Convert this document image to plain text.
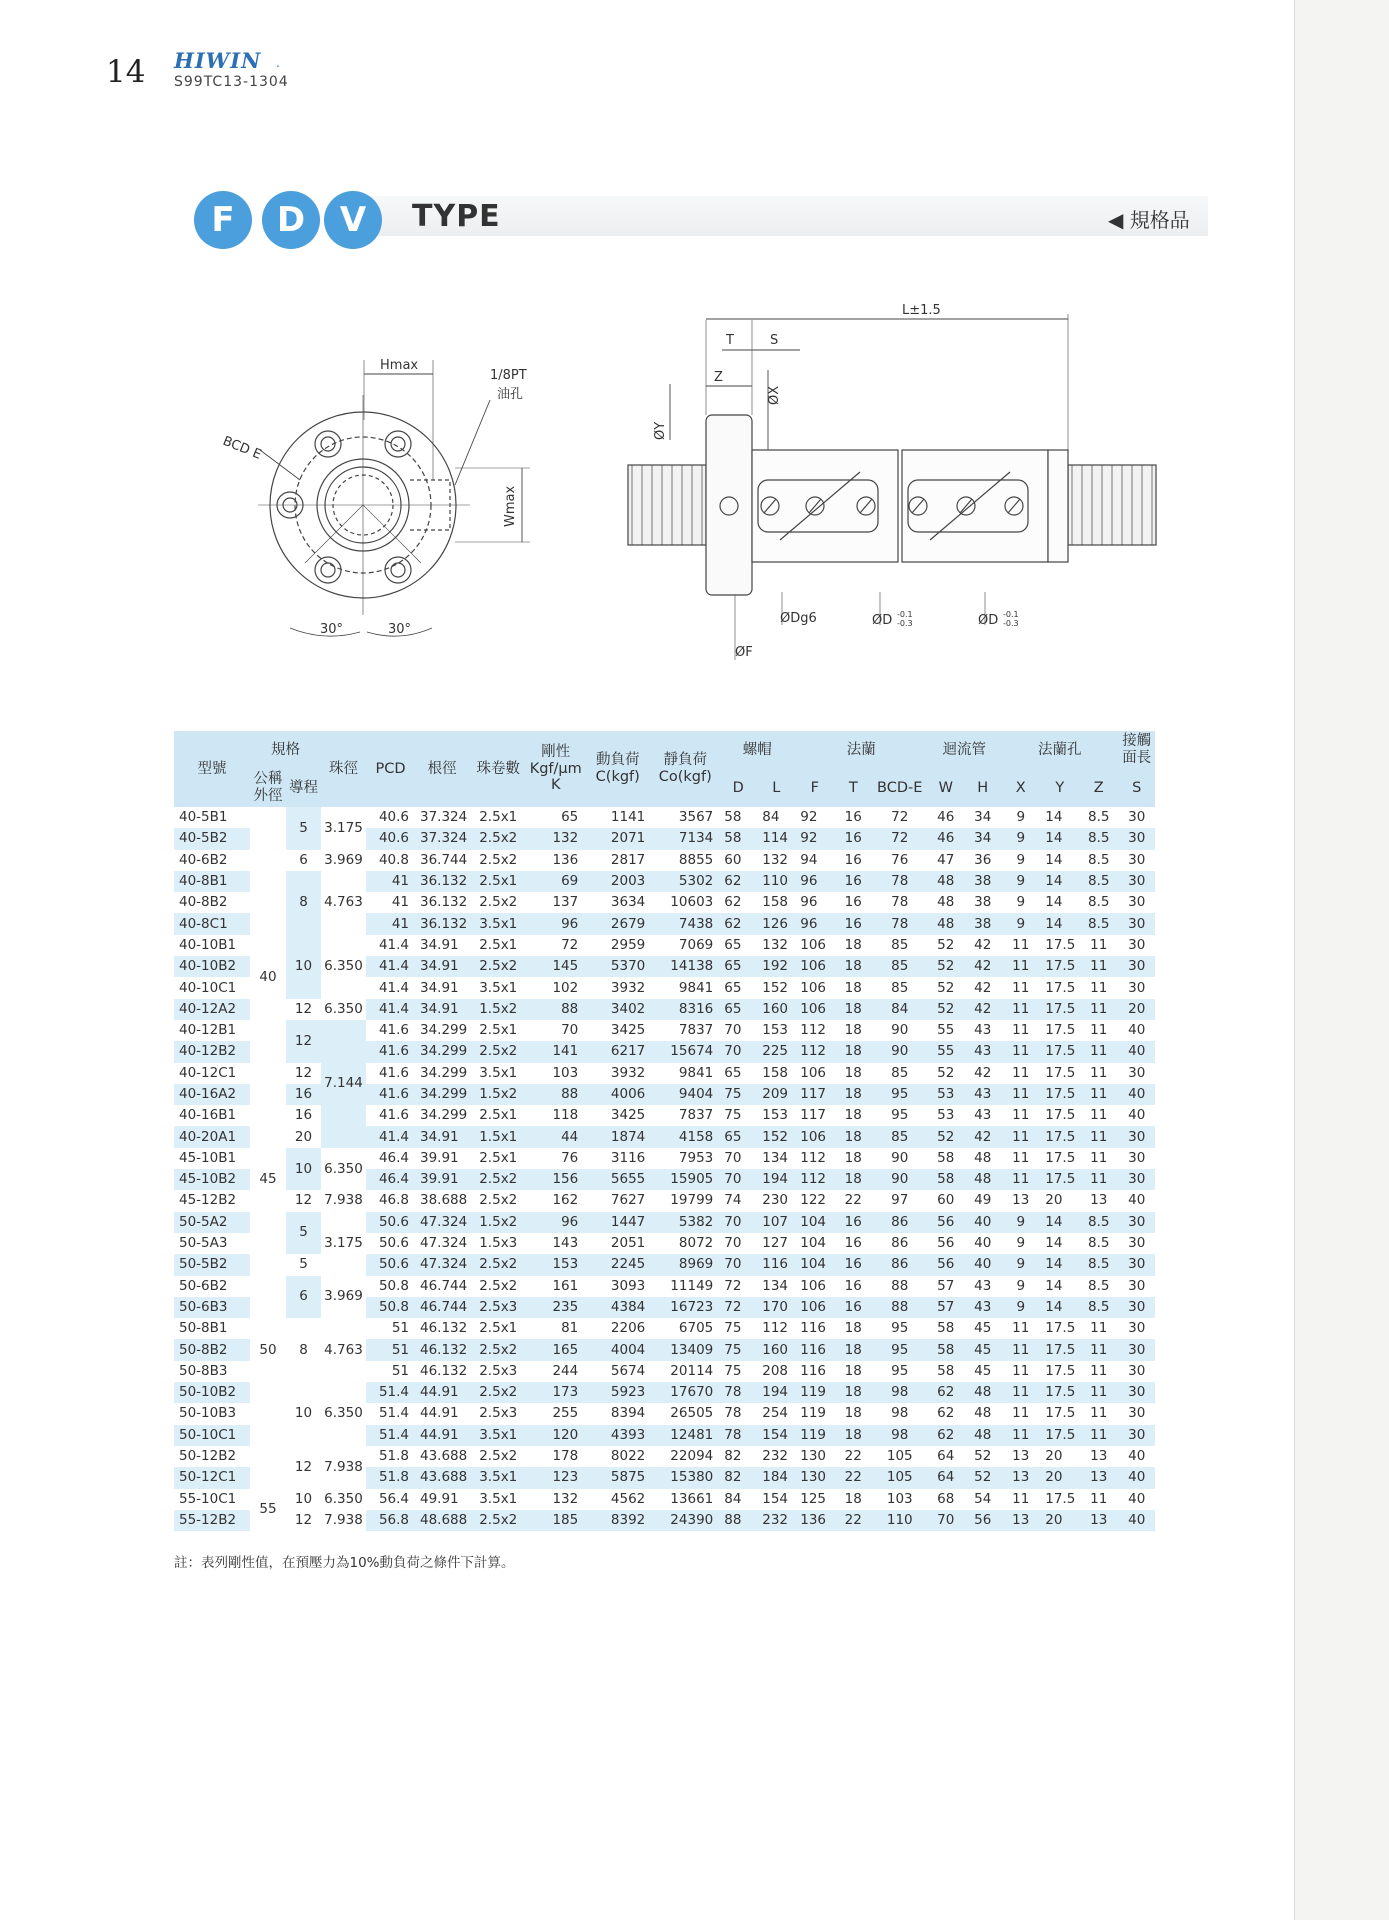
14 HIWIN .
S99TC13-1304
F	D	V	TYPE	◀ 規格品
Hmax
1/8PT
油孔
BCD E
Wmax
30°	30°
L±1.5
T	S
Z
ØX
ØY
ØDg6	ØD -0.1
-0.3	ØD -0.1
-0.3
ØF
型號	規格		珠徑	PCD	根徑	珠卷數	剛性 Kgf/μm K	動負荷 C(kgf)	靜負荷 Co(kgf)	螺帽		法蘭			迴流管		法蘭孔			接觸 面長
	公稱 外徑	導程								D	L	F	T	BCD-E	W	H	X	Y	Z	S
40-5B1	40	5	3.175	40.6	37.324	2.5x1	65	1141	3567	58	84	92	16	72	46	34	9	14	8.5	30
40-5B2				40.6	37.324	2.5x2	132	2071	7134	58	114	92	16	72	46	34	9	14	8.5	30
40-6B2		6	3.969	40.8	36.744	2.5x2	136	2817	8855	60	132	94	16	76	47	36	9	14	8.5	30
40-8B1		8	4.763	41	36.132	2.5x1	69	2003	5302	62	110	96	16	78	48	38	9	14	8.5	30
40-8B2				41	36.132	2.5x2	137	3634	10603	62	158	96	16	78	48	38	9	14	8.5	30
40-8C1				41	36.132	3.5x1	96	2679	7438	62	126	96	16	78	48	38	9	14	8.5	30
40-10B1		10	6.350	41.4	34.91	2.5x1	72	2959	7069	65	132	106	18	85	52	42	11	17.5	11	30
40-10B2				41.4	34.91	2.5x2	145	5370	14138	65	192	106	18	85	52	42	11	17.5	11	30
40-10C1				41.4	34.91	3.5x1	102	3932	9841	65	152	106	18	85	52	42	11	17.5	11	30
40-12A2		12	6.350	41.4	34.91	1.5x2	88	3402	8316	65	160	106	18	84	52	42	11	17.5	11	20
40-12B1		12	7.144	41.6	34.299	2.5x1	70	3425	7837	70	153	112	18	90	55	43	11	17.5	11	40
40-12B2				41.6	34.299	2.5x2	141	6217	15674	70	225	112	18	90	55	43	11	17.5	11	40
40-12C1		12		41.6	34.299	3.5x1	103	3932	9841	65	158	106	18	85	52	42	11	17.5	11	30
40-16A2		16		41.6	34.299	1.5x2	88	4006	9404	75	209	117	18	95	53	43	11	17.5	11	40
40-16B1		16		41.6	34.299	2.5x1	118	3425	7837	75	153	117	18	95	53	43	11	17.5	11	40
40-20A1		20		41.4	34.91	1.5x1	44	1874	4158	65	152	106	18	85	52	42	11	17.5	11	30
45-10B1	45	10	6.350	46.4	39.91	2.5x1	76	3116	7953	70	134	112	18	90	58	48	11	17.5	11	30
45-10B2				46.4	39.91	2.5x2	156	5655	15905	70	194	112	18	90	58	48	11	17.5	11	30
45-12B2		12	7.938	46.8	38.688	2.5x2	162	7627	19799	74	230	122	22	97	60	49	13	20	13	40
50-5A2	50	5	3.175	50.6	47.324	1.5x2	96	1447	5382	70	107	104	16	86	56	40	9	14	8.5	30
50-5A3				50.6	47.324	1.5x3	143	2051	8072	70	127	104	16	86	56	40	9	14	8.5	30
50-5B2		5		50.6	47.324	2.5x2	153	2245	8969	70	116	104	16	86	56	40	9	14	8.5	30
50-6B2		6	3.969	50.8	46.744	2.5x2	161	3093	11149	72	134	106	16	88	57	43	9	14	8.5	30
50-6B3				50.8	46.744	2.5x3	235	4384	16723	72	170	106	16	88	57	43	9	14	8.5	30
50-8B1		8	4.763	51	46.132	2.5x1	81	2206	6705	75	112	116	18	95	58	45	11	17.5	11	30
50-8B2				51	46.132	2.5x2	165	4004	13409	75	160	116	18	95	58	45	11	17.5	11	30
50-8B3				51	46.132	2.5x3	244	5674	20114	75	208	116	18	95	58	45	11	17.5	11	30
50-10B2		10	6.350	51.4	44.91	2.5x2	173	5923	17670	78	194	119	18	98	62	48	11	17.5	11	30
50-10B3				51.4	44.91	2.5x3	255	8394	26505	78	254	119	18	98	62	48	11	17.5	11	30
50-10C1				51.4	44.91	3.5x1	120	4393	12481	78	154	119	18	98	62	48	11	17.5	11	30
50-12B2		12	7.938	51.8	43.688	2.5x2	178	8022	22094	82	232	130	22	105	64	52	13	20	13	40
50-12C1				51.8	43.688	3.5x1	123	5875	15380	82	184	130	22	105	64	52	13	20	13	40
55-10C1	55	10	6.350	56.4	49.91	3.5x1	132	4562	13661	84	154	125	18	103	68	54	11	17.5	11	40
55-12B2		12	7.938	56.8	48.688	2.5x2	185	8392	24390	88	232	136	22	110	70	56	13	20	13	40
註：表列剛性值，在預壓力為10%動負荷之條件下計算。
